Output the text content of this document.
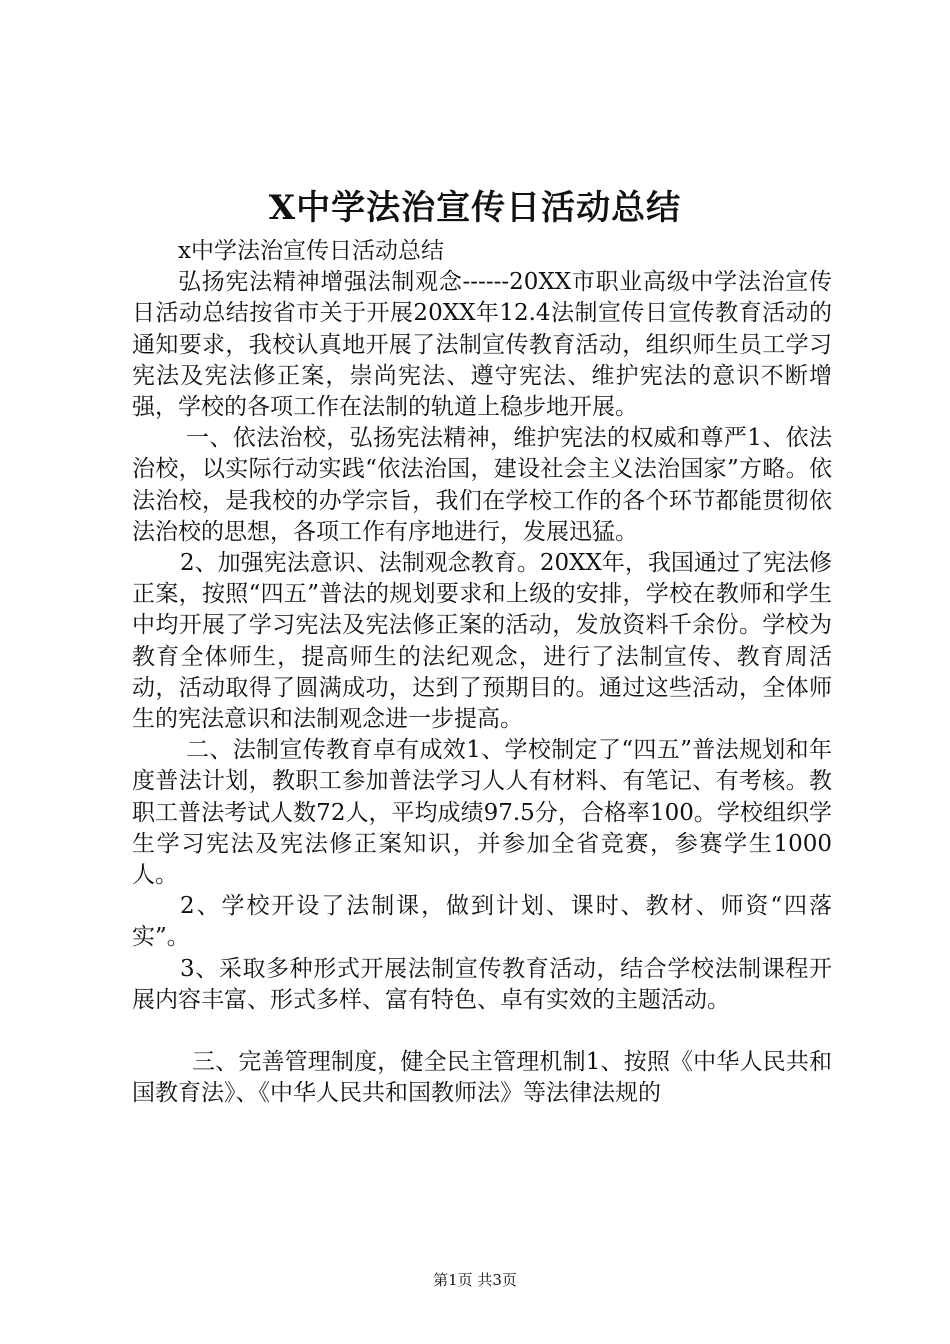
X中学法治宣传日活动总结

x中学法治宣传日活动总结

弘扬宪法精神增强法制观念------20XX市职业高级中学法治宣传日活动总结按省市关于开展20XX年12.4法制宣传日宣传教育活动的通知要求，我校认真地开展了法制宣传教育活动，组织师生员工学习宪法及宪法修正案，崇尚宪法、遵守宪法、维护宪法的意识不断增强，学校的各项工作在法制的轨道上稳步地开展。

一、依法治校，弘扬宪法精神，维护宪法的权威和尊严1、依法治校，以实际行动实践“依法治国，建设社会主义法治国家”方略。依法治校，是我校的办学宗旨，我们在学校工作的各个环节都能贯彻依法治校的思想，各项工作有序地进行，发展迅猛。

2、加强宪法意识、法制观念教育。20XX年，我国通过了宪法修正案，按照“四五”普法的规划要求和上级的安排，学校在教师和学生中均开展了学习宪法及宪法修正案的活动，发放资料千余份。学校为教育全体师生，提高师生的法纪观念，进行了法制宣传、教育周活动，活动取得了圆满成功，达到了预期目的。通过这些活动，全体师生的宪法意识和法制观念进一步提高。

二、法制宣传教育卓有成效1、学校制定了“四五”普法规划和年度普法计划，教职工参加普法学习人人有材料、有笔记、有考核。教职工普法考试人数72人，平均成绩97.5分，合格率100。学校组织学生学习宪法及宪法修正案知识，并参加全省竞赛，参赛学生1000人。

2、学校开设了法制课，做到计划、课时、教材、师资“四落实”。

3、采取多种形式开展法制宣传教育活动，结合学校法制课程开展内容丰富、形式多样、富有特色、卓有实效的主题活动。

三、完善管理制度，健全民主管理机制1、按照《中华人民共和国教育法》、《中华人民共和国教师法》等法律法规的

第1页 共3页
